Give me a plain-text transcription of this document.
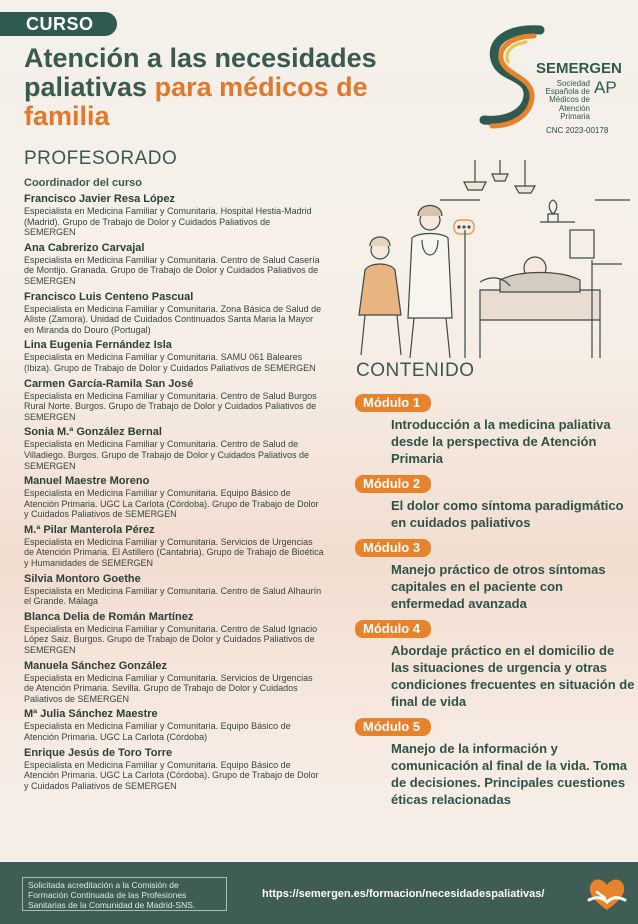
CURSO
Atención a las necesidades paliativas para médicos de familia
SEMERGEN
Sociedad Española de Médicos de Atención Primaria
AP
CNC 2023-00178
PROFESORADO
Coordinador del curso
Francisco Javier Resa López
Especialista en Medicina Familiar y Comunitaria. Hospital Hestia-Madrid (Madrid). Grupo de Trabajo de Dolor y Cuidados Paliativos de SEMERGEN
Ana Cabrerizo Carvajal
Especialista en Medicina Familiar y Comunitaria. Centro de Salud Casería de Montijo. Granada. Grupo de Trabajo de Dolor y Cuidados Paliativos de SEMERGEN
Francisco Luis Centeno Pascual
Especialista en Medicina Familiar y Comunitaria. Zona Básica de Salud de Aliste (Zamora). Unidad de Cuidados Continuados Santa Maria la Mayor en Miranda do Douro (Portugal)
Lina Eugenia Fernández Isla
Especialista en Medicina Familiar y Comunitaria. SAMU 061 Baleares (Ibiza). Grupo de Trabajo de Dolor y Cuidados Paliativos de SEMERGEN
Carmen García-Ramila San José
Especialista en Medicina Familiar y Comunitaria. Centro de Salud Burgos Rural Norte. Burgos. Grupo de Trabajo de Dolor y Cuidados Paliativos de SEMERGEN
Sonia M.ª González Bernal
Especialista en Medicina Familiar y Comunitaria. Centro de Salud de Villadiego. Burgos. Grupo de Trabajo de Dolor y Cuidados Paliativos de SEMERGEN
Manuel Maestre Moreno
Especialista en Medicina Familiar y Comunitaria. Equipo Básico de Atención Primaria. UGC La Carlota (Córdoba). Grupo de Trabajo de Dolor y Cuidados Paliativos de SEMERGEN
M.ª Pilar Manterola Pérez
Especialista en Medicina Familiar y Comunitaria. Servicios de Urgencias de Atención Primaria. El Astillero (Cantabria). Grupo de Trabajo de Bioética y Humanidades de SEMERGEN
Silvia Montoro Goethe
Especialista en Medicina Familiar y Comunitaria. Centro de Salud Alhaurín el Grande. Málaga
Blanca Delia de Román Martínez
Especialista en Medicina Familiar y Comunitaria. Centro de Salud Ignacio López Saiz. Burgos. Grupo de Trabajo de Dolor y Cuidados Paliativos de SEMERGEN
Manuela Sánchez González
Especialista en Medicina Familiar y Comunitaria. Servicios de Urgencias de Atención Primaria. Sevilla. Grupo de Trabajo de Dolor y Cuidados Paliativos de SEMERGEN
Mª Julia Sánchez Maestre
Especialista en Medicina Familiar y Comunitaria. Equipo Básico de Atención Primaria. UGC La Carlota (Córdoba)
Enrique Jesús de Toro Torre
Especialista en Medicina Familiar y Comunitaria. Equipo Básico de Atención Primaria. UGC La Carlota (Córdoba). Grupo de Trabajo de Dolor y Cuidados Paliativos de SEMERGEN
CONTENIDO
Módulo 1
Introducción a la medicina paliativa desde la perspectiva de Atención Primaria
Módulo 2
El dolor como síntoma paradigmático en cuidados paliativos
Módulo 3
Manejo práctico de otros síntomas capitales en el paciente con enfermedad avanzada
Módulo 4
Abordaje práctico en el domicilio de las situaciones de urgencia y otras condiciones frecuentes en situación de final de vida
Módulo 5
Manejo de la información y comunicación al final de la vida. Toma de decisiones. Principales cuestiones éticas relacionadas
Solicitada acreditación a la Comisión de Formación Continuada de las Profesiones Sanitarias de la Comunidad de Madrid-SNS.
https://semergen.es/formacion/necesidadespaliativas/
